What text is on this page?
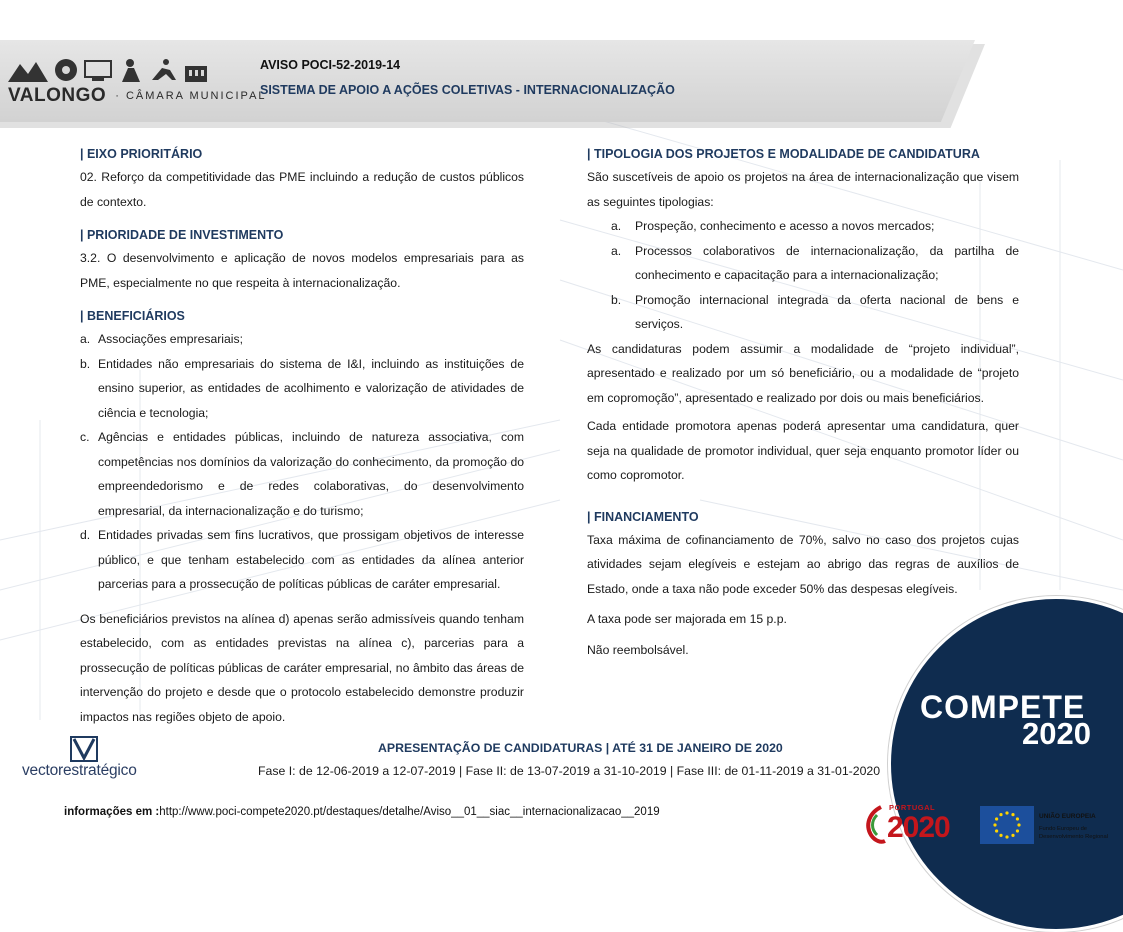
VALONGO · CÂMARA MUNICIPAL
AVISO POCI-52-2019-14
SISTEMA DE APOIO A AÇÕES COLETIVAS - INTERNACIONALIZAÇÃO

| EIXO PRIORITÁRIO

02. Reforço da competitividade das PME incluindo a redução de custos públicos de contexto.

| PRIORIDADE DE INVESTIMENTO

3.2. O desenvolvimento e aplicação de novos modelos empresariais para as PME, especialmente no que respeita à internacionalização.

| BENEFICIÁRIOS

a. Associações empresariais;
b. Entidades não empresariais do sistema de I&I, incluindo as instituições de ensino superior, as entidades de acolhimento e valorização de atividades de ciência e tecnologia;
c. Agências e entidades públicas, incluindo de natureza associativa, com competências nos domínios da valorização do conhecimento, da promoção do empreendedorismo e de redes colaborativas, do desenvolvimento empresarial, da internacionalização e do turismo;
d. Entidades privadas sem fins lucrativos, que prossigam objetivos de interesse público, e que tenham estabelecido com as entidades da alínea anterior parcerias para a prossecução de políticas públicas de caráter empresarial.

Os beneficiários previstos na alínea d) apenas serão admissíveis quando tenham estabelecido, com as entidades previstas na alínea c), parcerias para a prossecução de políticas públicas de caráter empresarial, no âmbito das áreas de intervenção do projeto e desde que o protocolo estabelecido demonstre produzir impactos nas regiões objeto de apoio.

| TIPOLOGIA DOS PROJETOS E MODALIDADE DE CANDIDATURA

São suscetíveis de apoio os projetos na área de internacionalização que visem as seguintes tipologias:

a. Prospeção, conhecimento e acesso a novos mercados;
a. Processos colaborativos de internacionalização, da partilha de conhecimento e capacitação para a internacionalização;
b. Promoção internacional integrada da oferta nacional de bens e serviços.

As candidaturas podem assumir a modalidade de “projeto individual”, apresentado e realizado por um só beneficiário, ou a modalidade de “projeto em copromoção”, apresentado e realizado por dois ou mais beneficiários.

Cada entidade promotora apenas poderá apresentar uma candidatura, quer seja na qualidade de promotor individual, quer seja enquanto promotor líder ou como copromotor.

| FINANCIAMENTO

Taxa máxima de cofinanciamento de 70%, salvo no caso dos projetos cujas atividades sejam elegíveis e estejam ao abrigo das regras de auxílios de Estado, onde a taxa não pode exceder 50% das despesas elegíveis.

A taxa pode ser majorada em 15 p.p.

Não reembolsável.

COMPETE
2020
vectorestratégico
APRESENTAÇÃO DE CANDIDATURAS | ATÉ 31 DE JANEIRO DE 2020
Fase I: de 12-06-2019 a 12-07-2019 | Fase II: de 13-07-2019 a 31-10-2019 | Fase III: de 01-11-2019 a 31-01-2020
informações em :http://www.poci-compete2020.pt/destaques/detalhe/Aviso__01__siac__internacionalizacao__2019	PORTUGAL
2020	UNIÃO EUROPEIA
Fundo Europeu de Desenvolvimento Regional
